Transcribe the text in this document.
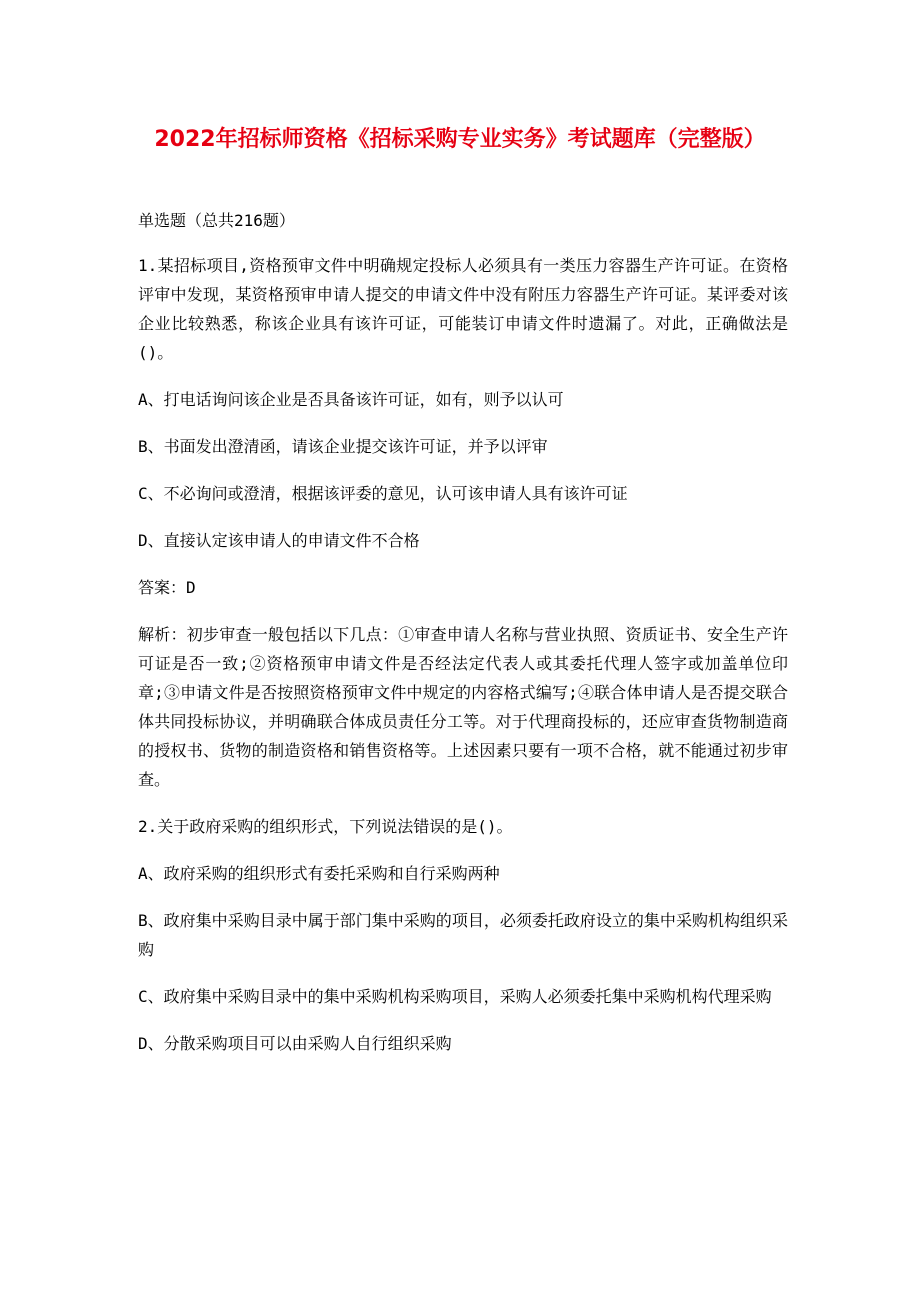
2022年招标师资格《招标采购专业实务》考试题库（完整版）

单选题（总共216题）

1.某招标项目,资格预审文件中明确规定投标人必须具有一类压力容器生产许可证。在资格评审中发现，某资格预审申请人提交的申请文件中没有附压力容器生产许可证。某评委对该企业比较熟悉，称该企业具有该许可证，可能装订申请文件时遗漏了。对此，正确做法是()。

A、打电话询问该企业是否具备该许可证，如有，则予以认可

B、书面发出澄清函，请该企业提交该许可证，并予以评审

C、不必询问或澄清，根据该评委的意见，认可该申请人具有该许可证

D、直接认定该申请人的申请文件不合格

答案：D

解析：初步审查一般包括以下几点：①审查申请人名称与营业执照、资质证书、安全生产许可证是否一致;②资格预审申请文件是否经法定代表人或其委托代理人签字或加盖单位印章;③申请文件是否按照资格预审文件中规定的内容格式编写;④联合体申请人是否提交联合体共同投标协议，并明确联合体成员责任分工等。对于代理商投标的，还应审查货物制造商的授权书、货物的制造资格和销售资格等。上述因素只要有一项不合格，就不能通过初步审查。

2.关于政府采购的组织形式，下列说法错误的是()。

A、政府采购的组织形式有委托采购和自行采购两种

B、政府集中采购目录中属于部门集中采购的项目，必须委托政府设立的集中采购机构组织采购

C、政府集中采购目录中的集中采购机构采购项目，采购人必须委托集中采购机构代理采购

D、分散采购项目可以由采购人自行组织采购
